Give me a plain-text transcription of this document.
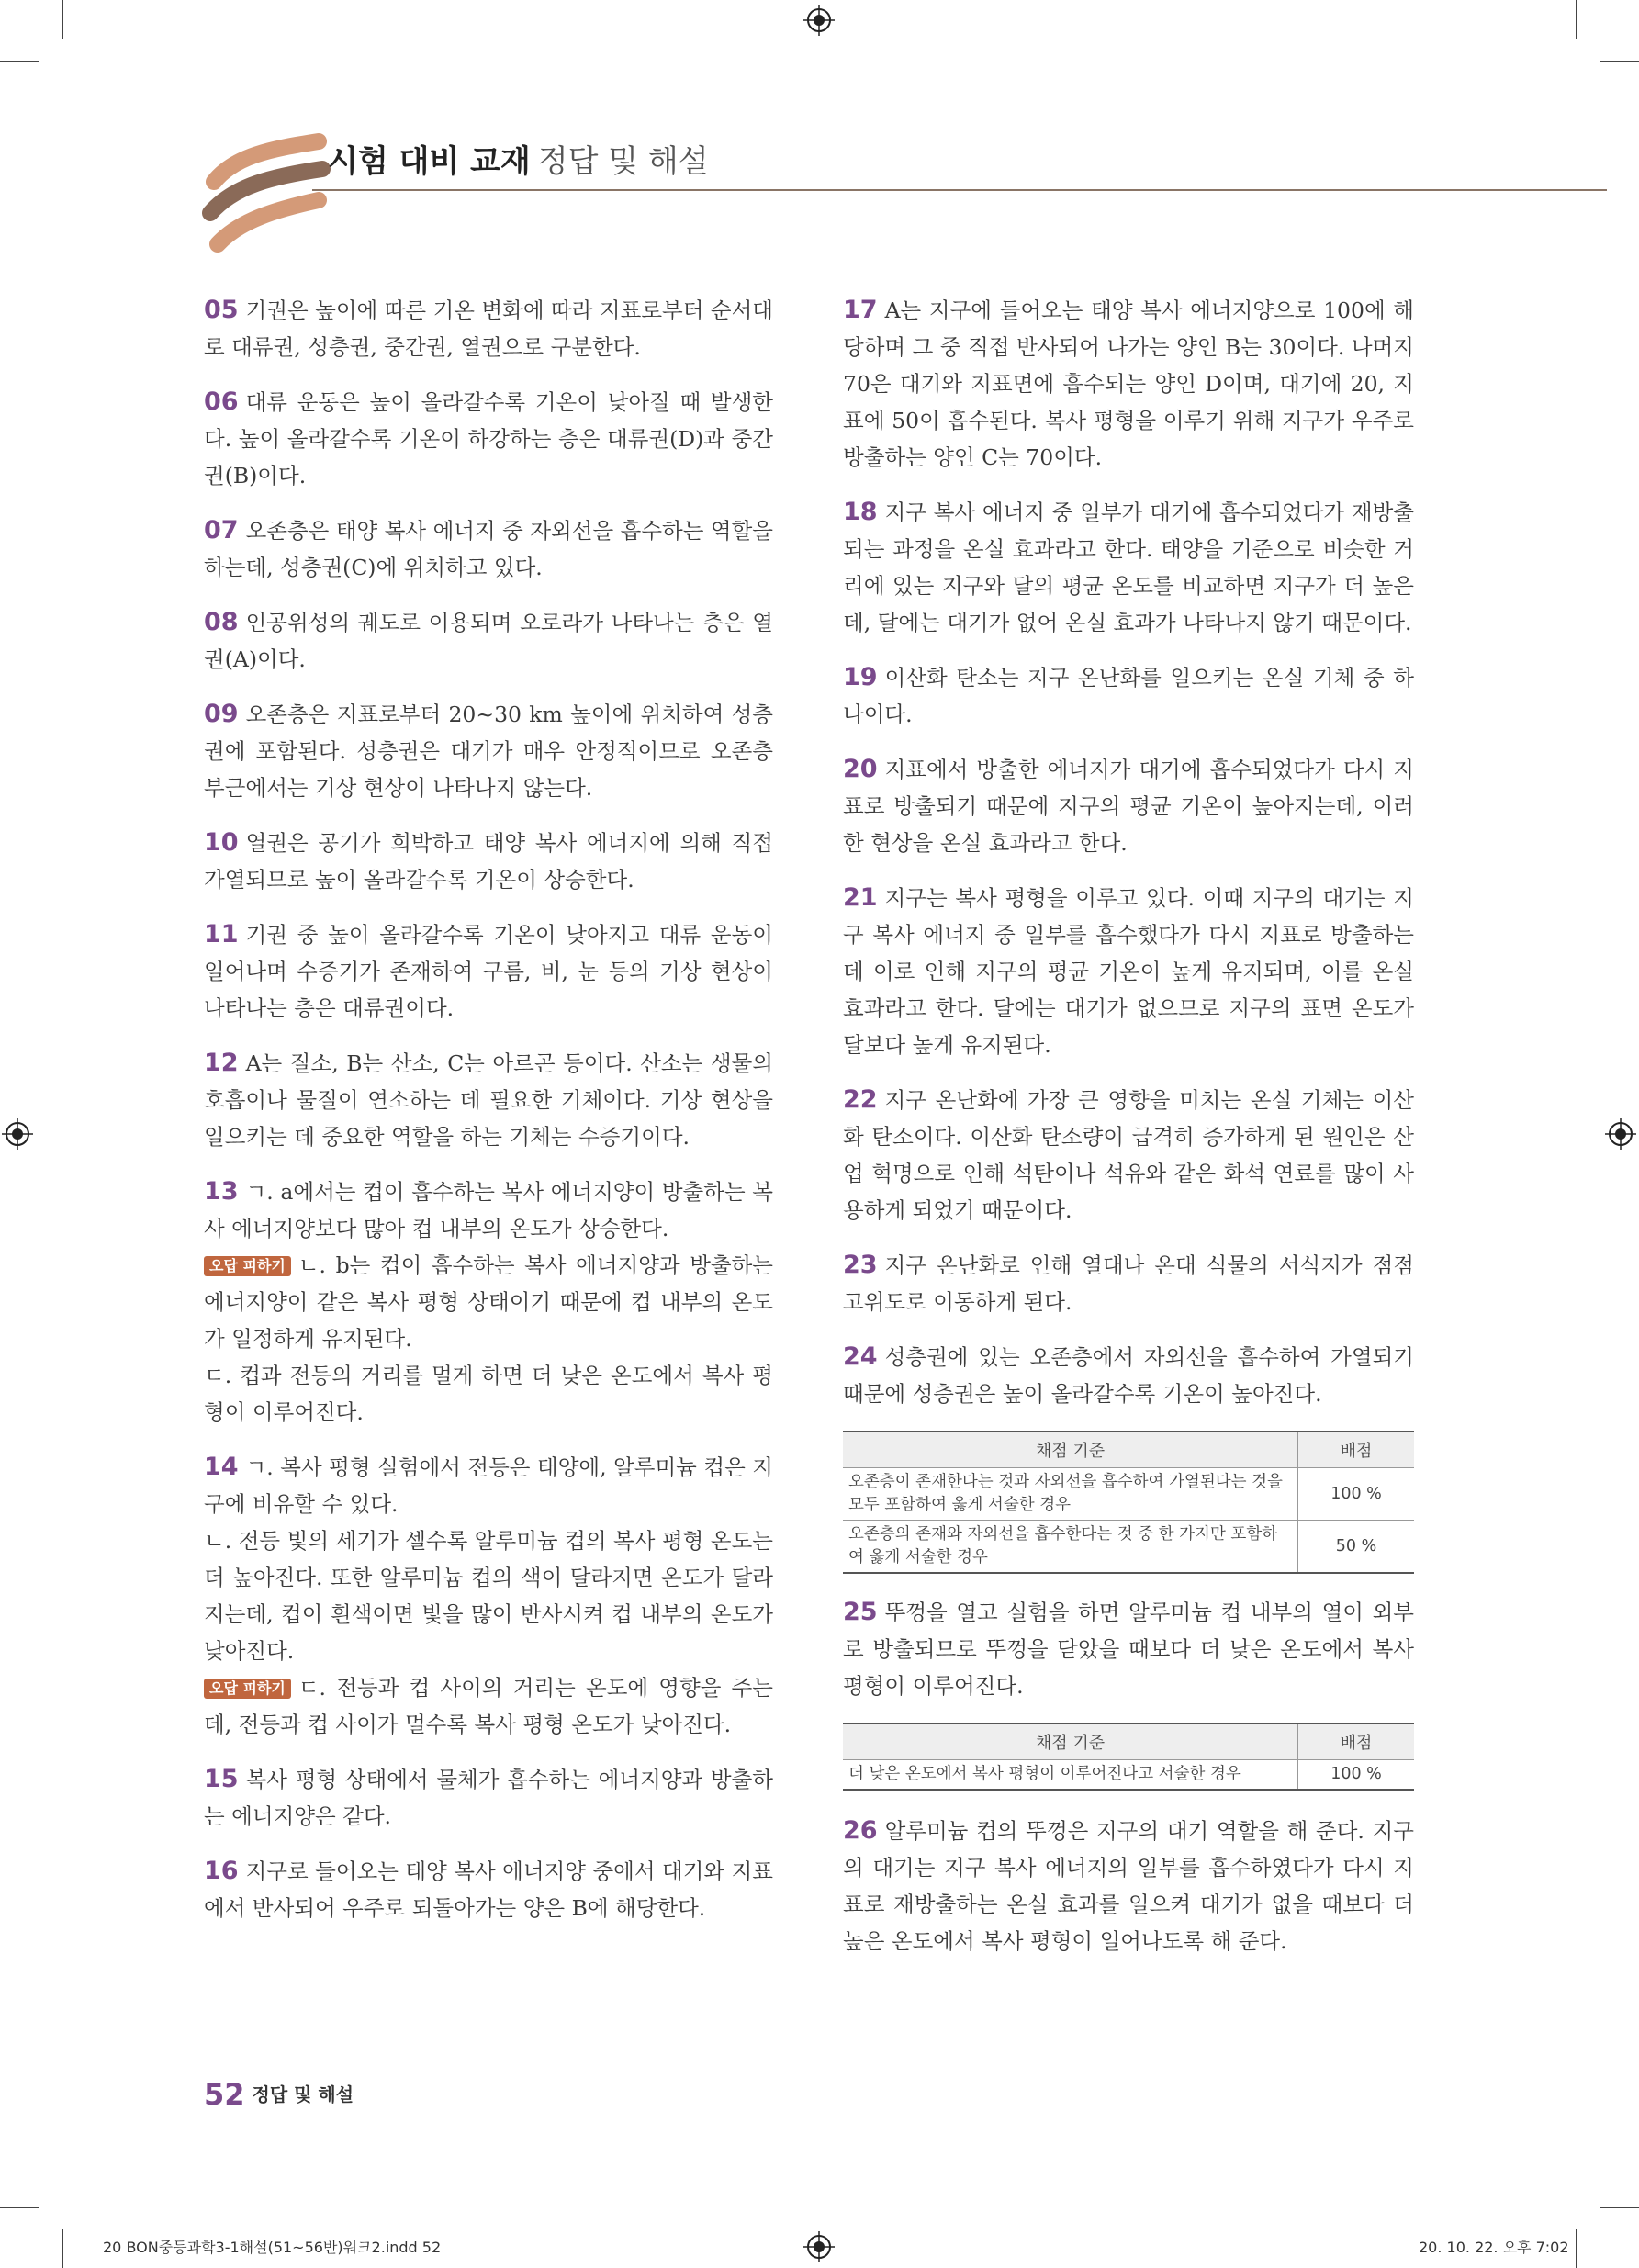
시험 대비 교재 정답 및 해설
05 기권은 높이에 따른 기온 변화에 따라 지표로부터 순서대로 대류권, 성층권, 중간권, 열권으로 구분한다.
06 대류 운동은 높이 올라갈수록 기온이 낮아질 때 발생한다. 높이 올라갈수록 기온이 하강하는 층은 대류권(D)과 중간권(B)이다.
07 오존층은 태양 복사 에너지 중 자외선을 흡수하는 역할을 하는데, 성층권(C)에 위치하고 있다.
08 인공위성의 궤도로 이용되며 오로라가 나타나는 층은 열권(A)이다.
09 오존층은 지표로부터 20~30 km 높이에 위치하여 성층권에 포함된다. 성층권은 대기가 매우 안정적이므로 오존층 부근에서는 기상 현상이 나타나지 않는다.
10 열권은 공기가 희박하고 태양 복사 에너지에 의해 직접 가열되므로 높이 올라갈수록 기온이 상승한다.
11 기권 중 높이 올라갈수록 기온이 낮아지고 대류 운동이 일어나며 수증기가 존재하여 구름, 비, 눈 등의 기상 현상이 나타나는 층은 대류권이다.
12 A는 질소, B는 산소, C는 아르곤 등이다. 산소는 생물의 호흡이나 물질이 연소하는 데 필요한 기체이다. 기상 현상을 일으키는 데 중요한 역할을 하는 기체는 수증기이다.
13 ㄱ. a에서는 컵이 흡수하는 복사 에너지양이 방출하는 복사 에너지양보다 많아 컵 내부의 온도가 상승한다.
오답 피하기 ㄴ. b는 컵이 흡수하는 복사 에너지양과 방출하는 에너지양이 같은 복사 평형 상태이기 때문에 컵 내부의 온도가 일정하게 유지된다.
ㄷ. 컵과 전등의 거리를 멀게 하면 더 낮은 온도에서 복사 평형이 이루어진다.
14 ㄱ. 복사 평형 실험에서 전등은 태양에, 알루미늄 컵은 지구에 비유할 수 있다.
ㄴ. 전등 빛의 세기가 셀수록 알루미늄 컵의 복사 평형 온도는 더 높아진다. 또한 알루미늄 컵의 색이 달라지면 온도가 달라지는데, 컵이 흰색이면 빛을 많이 반사시켜 컵 내부의 온도가 낮아진다.
오답 피하기 ㄷ. 전등과 컵 사이의 거리는 온도에 영향을 주는데, 전등과 컵 사이가 멀수록 복사 평형 온도가 낮아진다.
15 복사 평형 상태에서 물체가 흡수하는 에너지양과 방출하는 에너지양은 같다.
16 지구로 들어오는 태양 복사 에너지양 중에서 대기와 지표에서 반사되어 우주로 되돌아가는 양은 B에 해당한다.
17 A는 지구에 들어오는 태양 복사 에너지양으로 100에 해당하며 그 중 직접 반사되어 나가는 양인 B는 30이다. 나머지 70은 대기와 지표면에 흡수되는 양인 D이며, 대기에 20, 지표에 50이 흡수된다. 복사 평형을 이루기 위해 지구가 우주로 방출하는 양인 C는 70이다.
18 지구 복사 에너지 중 일부가 대기에 흡수되었다가 재방출되는 과정을 온실 효과라고 한다. 태양을 기준으로 비슷한 거리에 있는 지구와 달의 평균 온도를 비교하면 지구가 더 높은데, 달에는 대기가 없어 온실 효과가 나타나지 않기 때문이다.
19 이산화 탄소는 지구 온난화를 일으키는 온실 기체 중 하나이다.
20 지표에서 방출한 에너지가 대기에 흡수되었다가 다시 지표로 방출되기 때문에 지구의 평균 기온이 높아지는데, 이러한 현상을 온실 효과라고 한다.
21 지구는 복사 평형을 이루고 있다. 이때 지구의 대기는 지구 복사 에너지 중 일부를 흡수했다가 다시 지표로 방출하는데 이로 인해 지구의 평균 기온이 높게 유지되며, 이를 온실 효과라고 한다. 달에는 대기가 없으므로 지구의 표면 온도가 달보다 높게 유지된다.
22 지구 온난화에 가장 큰 영향을 미치는 온실 기체는 이산화 탄소이다. 이산화 탄소량이 급격히 증가하게 된 원인은 산업 혁명으로 인해 석탄이나 석유와 같은 화석 연료를 많이 사용하게 되었기 때문이다.
23 지구 온난화로 인해 열대나 온대 식물의 서식지가 점점 고위도로 이동하게 된다.
24 성층권에 있는 오존층에서 자외선을 흡수하여 가열되기 때문에 성층권은 높이 올라갈수록 기온이 높아진다.
채점 기준	배점
오존층이 존재한다는 것과 자외선을 흡수하여 가열된다는 것을 모두 포함하여 옳게 서술한 경우	100 %
오존층의 존재와 자외선을 흡수한다는 것 중 한 가지만 포함하여 옳게 서술한 경우	50 %
25 뚜껑을 열고 실험을 하면 알루미늄 컵 내부의 열이 외부로 방출되므로 뚜껑을 닫았을 때보다 더 낮은 온도에서 복사 평형이 이루어진다.
채점 기준	배점
더 낮은 온도에서 복사 평형이 이루어진다고 서술한 경우	100 %
26 알루미늄 컵의 뚜껑은 지구의 대기 역할을 해 준다. 지구의 대기는 지구 복사 에너지의 일부를 흡수하였다가 다시 지표로 재방출하는 온실 효과를 일으켜 대기가 없을 때보다 더 높은 온도에서 복사 평형이 일어나도록 해 준다.
52 정답 및 해설
20 BON중등과학3-1해설(51~56반)워크2.indd 52	20. 10. 22. 오후 7:02
